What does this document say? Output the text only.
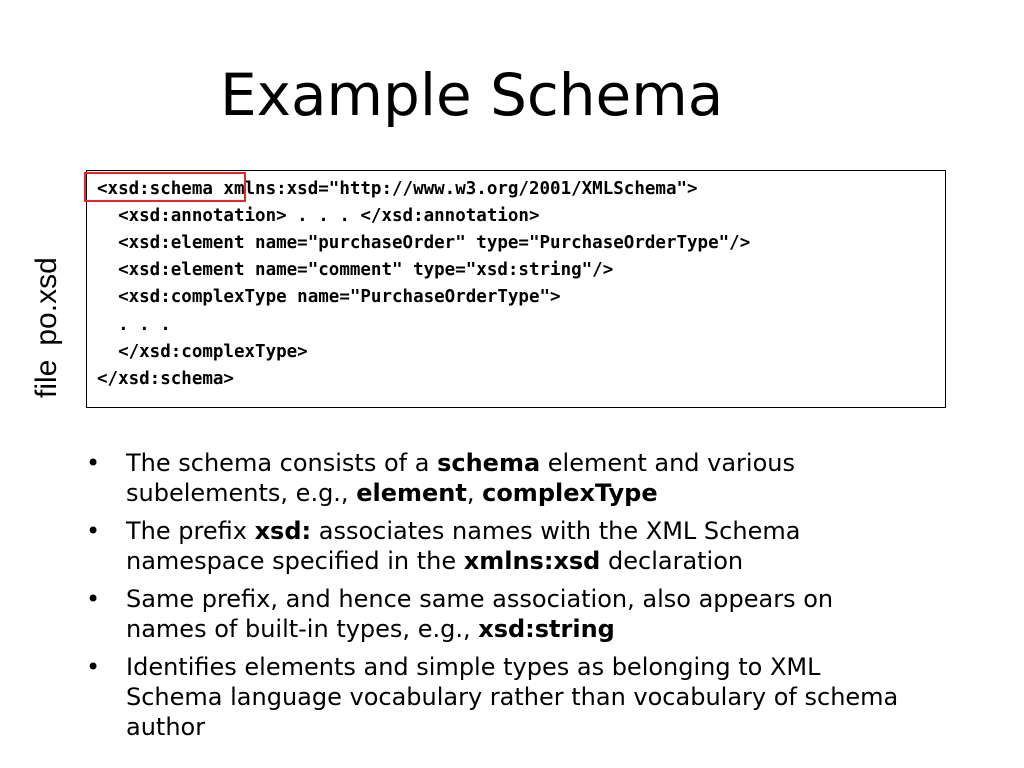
Example Schema
filepo.xsd
<xsd:schema xmlns:xsd="http://www.w3.org/2001/XMLSchema">
<xsd:annotation> . . . </xsd:annotation>
<xsd:element name="purchaseOrder" type="PurchaseOrderType"/>
<xsd:element name="comment" type="xsd:string"/>
<xsd:complexType name="PurchaseOrderType">
. . .
</xsd:complexType>
</xsd:schema>
• The schema consists of a schema element and various subelements, e.g., element, complexType
• The prefix xsd: associates names with the XML Schema namespace specified in the xmlns:xsd declaration
• Same prefix, and hence same association, also appears on names of built-in types, e.g., xsd:string
• Identifies elements and simple types as belonging to XML Schema language vocabulary rather than vocabulary of schema author
